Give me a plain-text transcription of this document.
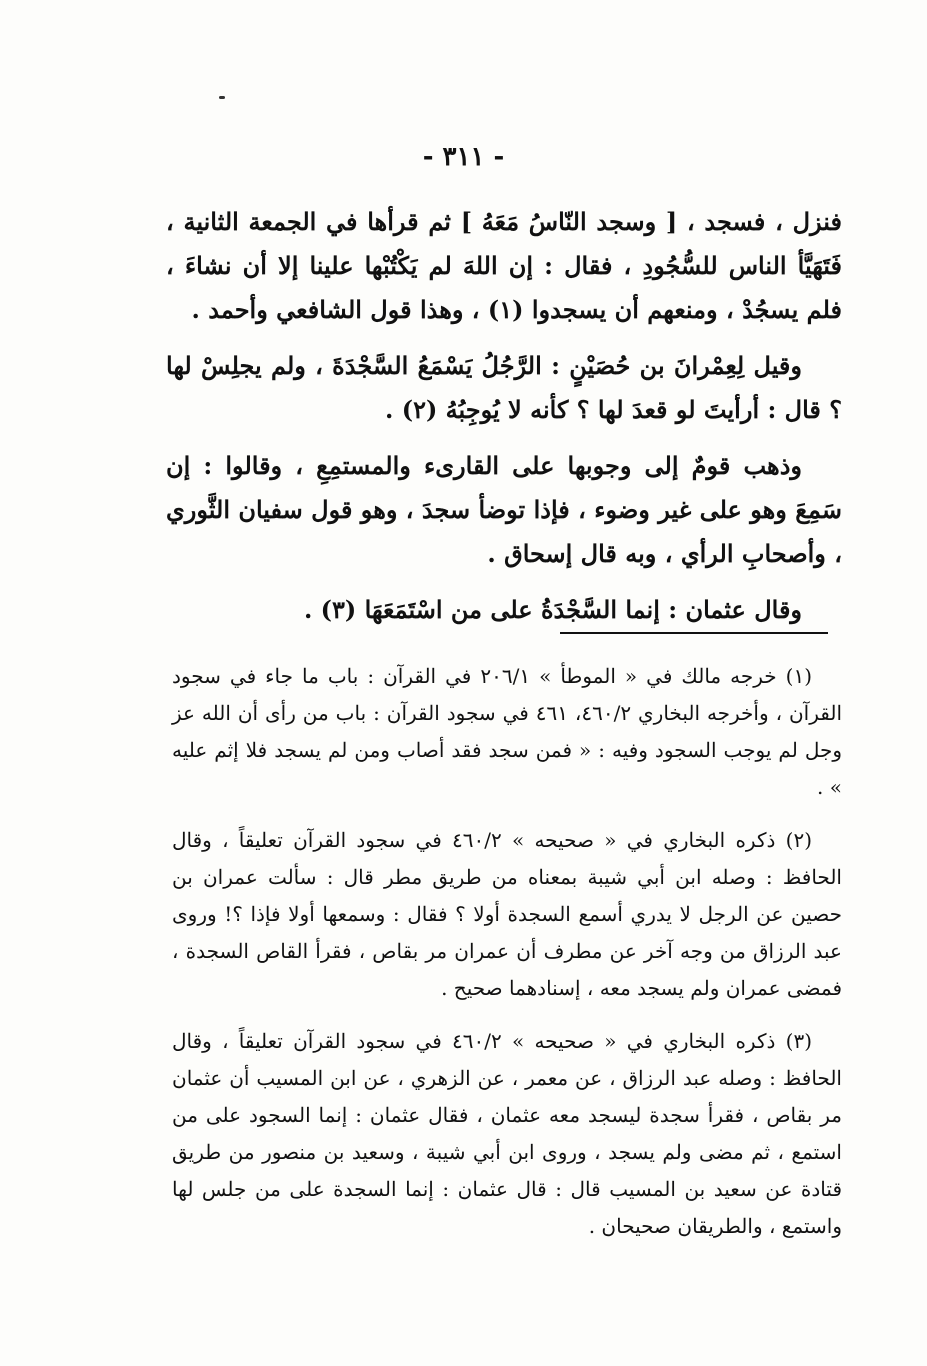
- ٣١١ -

فنزل ، فسجد ، [ وسجد النّاسُ مَعَهُ ] ثم قرأها في الجمعة الثانية ، فَتَهَيَّأ الناس للسُّجُودِ ، فقال : إن اللهَ لم يَكْتُبْها علينا إلا أن نشاءَ ، فلم يسجُدْ ، ومنعهم أن يسجدوا (١) ، وهذا قول الشافعي وأحمد .

وقيل لِعِمْرانَ بن حُصَيْنٍ : الرَّجُلُ يَسْمَعُ السَّجْدَةَ ، ولم يجلِسْ لها ؟ قال : أرأيتَ لو قعدَ لها ؟ كأنه لا يُوجِبُهُ (٢) .

وذهب قومٌ إلى وجوبها على القارىء والمستمِعِ ، وقالوا : إن سَمِعَ وهو على غير وضوء ، فإذا توضأ سجدَ ، وهو قول سفيان الثَّوري ، وأصحابِ الرأي ، وبه قال إسحاق .

وقال عثمان : إنما السَّجْدَةُ على من اسْتَمَعَهَا (٣) .

(١) خرجه مالك في « الموطأ » ٢٠٦/١ في القرآن : باب ما جاء في سجود القرآن ، وأخرجه البخاري ٤٦٠/٢، ٤٦١ في سجود القرآن : باب من رأى أن الله عز وجل لم يوجب السجود وفيه : « فمن سجد فقد أصاب ومن لم يسجد فلا إثم عليه » .

(٢) ذكره البخاري في « صحيحه » ٤٦٠/٢ في سجود القرآن تعليقاً ، وقال الحافظ : وصله ابن أبي شيبة بمعناه من طريق مطر قال : سألت عمران بن حصين عن الرجل لا يدري أسمع السجدة أولا ؟ فقال : وسمعها أولا فإذا ؟! وروى عبد الرزاق من وجه آخر عن مطرف أن عمران مر بقاص ، فقرأ القاص السجدة ، فمضى عمران ولم يسجد معه ، إسنادهما صحيح .

(٣) ذكره البخاري في « صحيحه » ٤٦٠/٢ في سجود القرآن تعليقاً ، وقال الحافظ : وصله عبد الرزاق ، عن معمر ، عن الزهري ، عن ابن المسيب أن عثمان مر بقاص ، فقرأ سجدة ليسجد معه عثمان ، فقال عثمان : إنما السجود على من استمع ، ثم مضى ولم يسجد ، وروى ابن أبي شيبة ، وسعيد بن منصور من طريق قتادة عن سعيد بن المسيب قال : قال عثمان : إنما السجدة على من جلس لها واستمع ، والطريقان صحيحان .
